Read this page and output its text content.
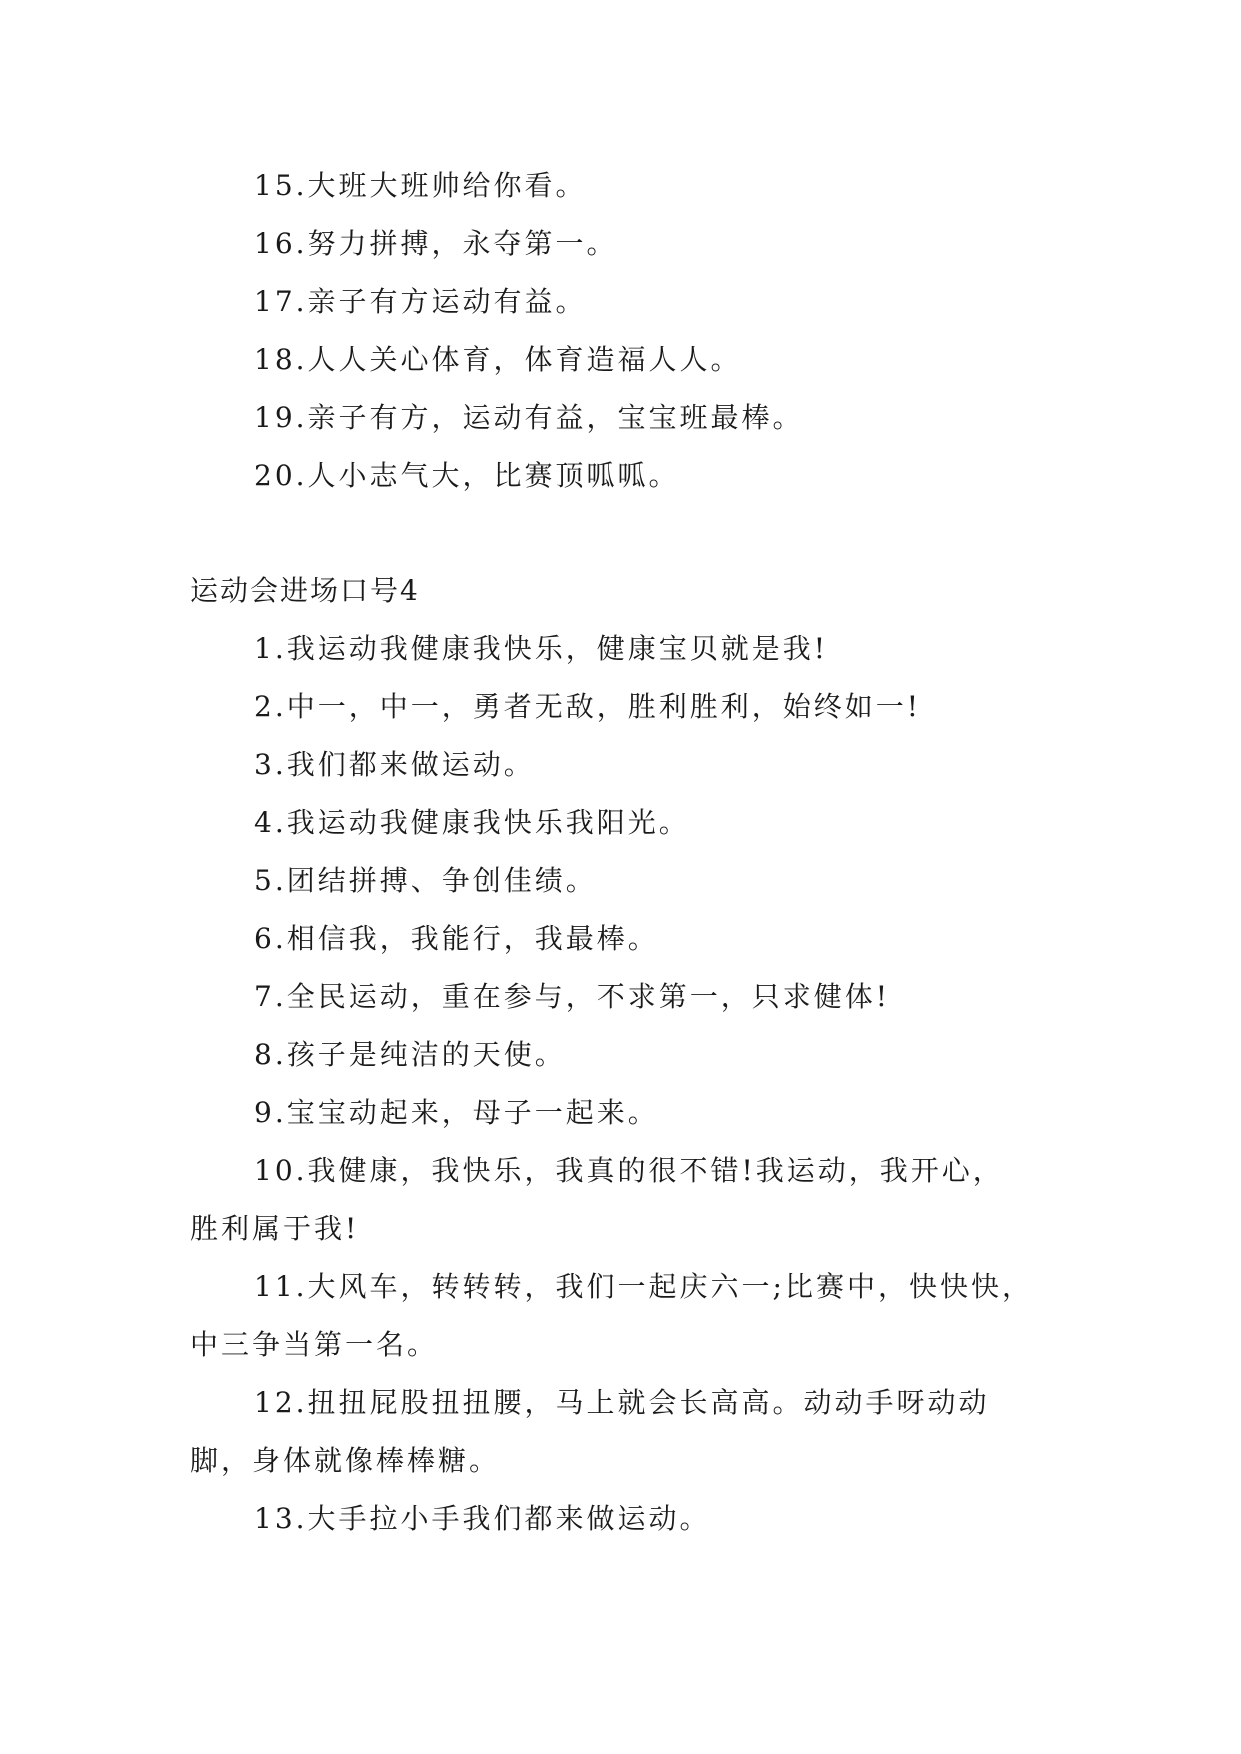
15.大班大班帅给你看。
16.努力拼搏，永夺第一。
17.亲子有方运动有益。
18.人人关心体育，体育造福人人。
19.亲子有方，运动有益，宝宝班最棒。
20.人小志气大，比赛顶呱呱。
运动会进场口号4
1.我运动我健康我快乐，健康宝贝就是我!
2.中一，中一，勇者无敌，胜利胜利，始终如一!
3.我们都来做运动。
4.我运动我健康我快乐我阳光。
5.团结拼搏、争创佳绩。
6.相信我，我能行，我最棒。
7.全民运动，重在参与，不求第一，只求健体!
8.孩子是纯洁的天使。
9.宝宝动起来，母子一起来。
10.我健康，我快乐，我真的很不错!我运动，我开心，
胜利属于我!
11.大风车，转转转，我们一起庆六一;比赛中，快快快，
中三争当第一名。
12.扭扭屁股扭扭腰，马上就会长高高。动动手呀动动
脚，身体就像棒棒糖。
13.大手拉小手我们都来做运动。
